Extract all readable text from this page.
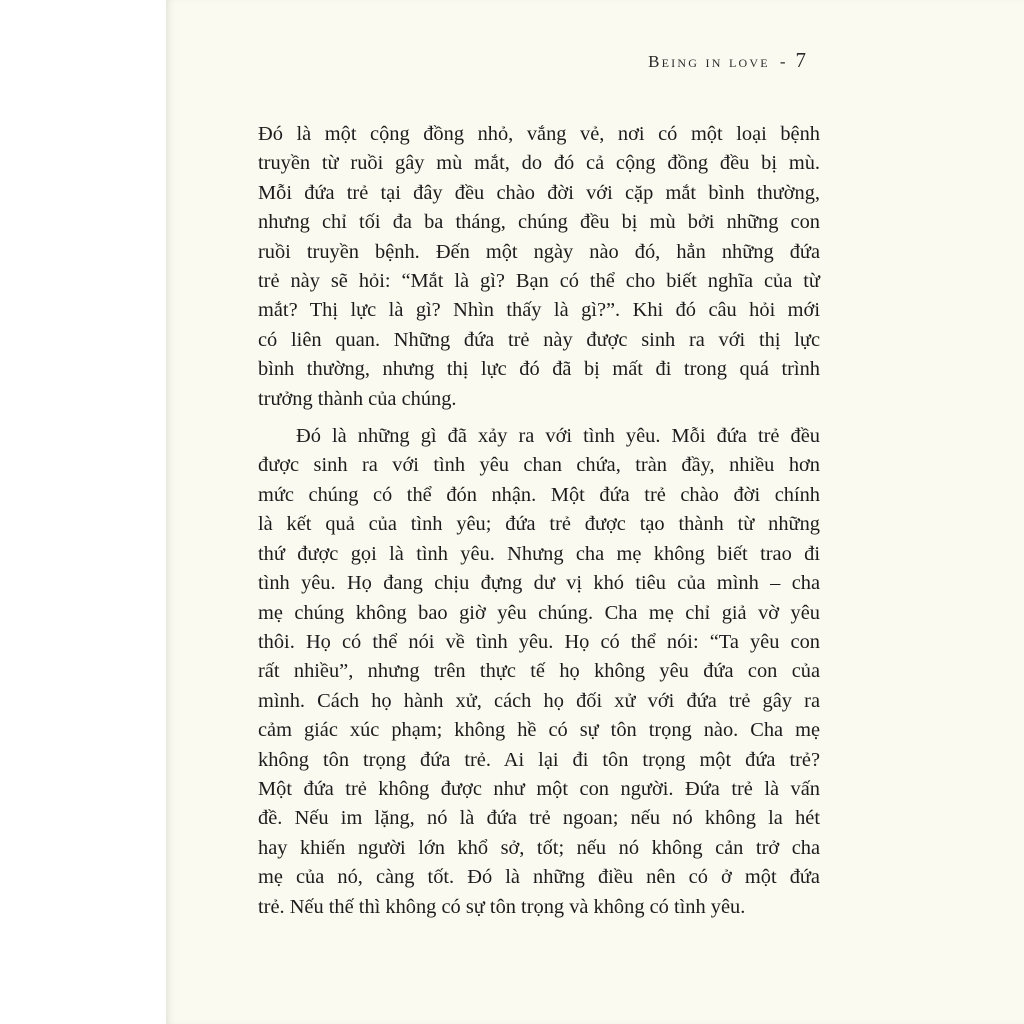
Being in love - 7
Đó là một cộng đồng nhỏ, vắng vẻ, nơi có một loại bệnh
truyền từ ruồi gây mù mắt, do đó cả cộng đồng đều bị mù.
Mỗi đứa trẻ tại đây đều chào đời với cặp mắt bình thường,
nhưng chỉ tối đa ba tháng, chúng đều bị mù bởi những con
ruồi truyền bệnh. Đến một ngày nào đó, hẳn những đứa
trẻ này sẽ hỏi: “Mắt là gì? Bạn có thể cho biết nghĩa của từ
mắt? Thị lực là gì? Nhìn thấy là gì?”. Khi đó câu hỏi mới
có liên quan. Những đứa trẻ này được sinh ra với thị lực
bình thường, nhưng thị lực đó đã bị mất đi trong quá trình
trưởng thành của chúng.
Đó là những gì đã xảy ra với tình yêu. Mỗi đứa trẻ đều
được sinh ra với tình yêu chan chứa, tràn đầy, nhiều hơn
mức chúng có thể đón nhận. Một đứa trẻ chào đời chính
là kết quả của tình yêu; đứa trẻ được tạo thành từ những
thứ được gọi là tình yêu. Nhưng cha mẹ không biết trao đi
tình yêu. Họ đang chịu đựng dư vị khó tiêu của mình – cha
mẹ chúng không bao giờ yêu chúng. Cha mẹ chỉ giả vờ yêu
thôi. Họ có thể nói về tình yêu. Họ có thể nói: “Ta yêu con
rất nhiều”, nhưng trên thực tế họ không yêu đứa con của
mình. Cách họ hành xử, cách họ đối xử với đứa trẻ gây ra
cảm giác xúc phạm; không hề có sự tôn trọng nào. Cha mẹ
không tôn trọng đứa trẻ. Ai lại đi tôn trọng một đứa trẻ?
Một đứa trẻ không được như một con người. Đứa trẻ là vấn
đề. Nếu im lặng, nó là đứa trẻ ngoan; nếu nó không la hét
hay khiến người lớn khổ sở, tốt; nếu nó không cản trở cha
mẹ của nó, càng tốt. Đó là những điều nên có ở một đứa
trẻ. Nếu thế thì không có sự tôn trọng và không có tình yêu.
